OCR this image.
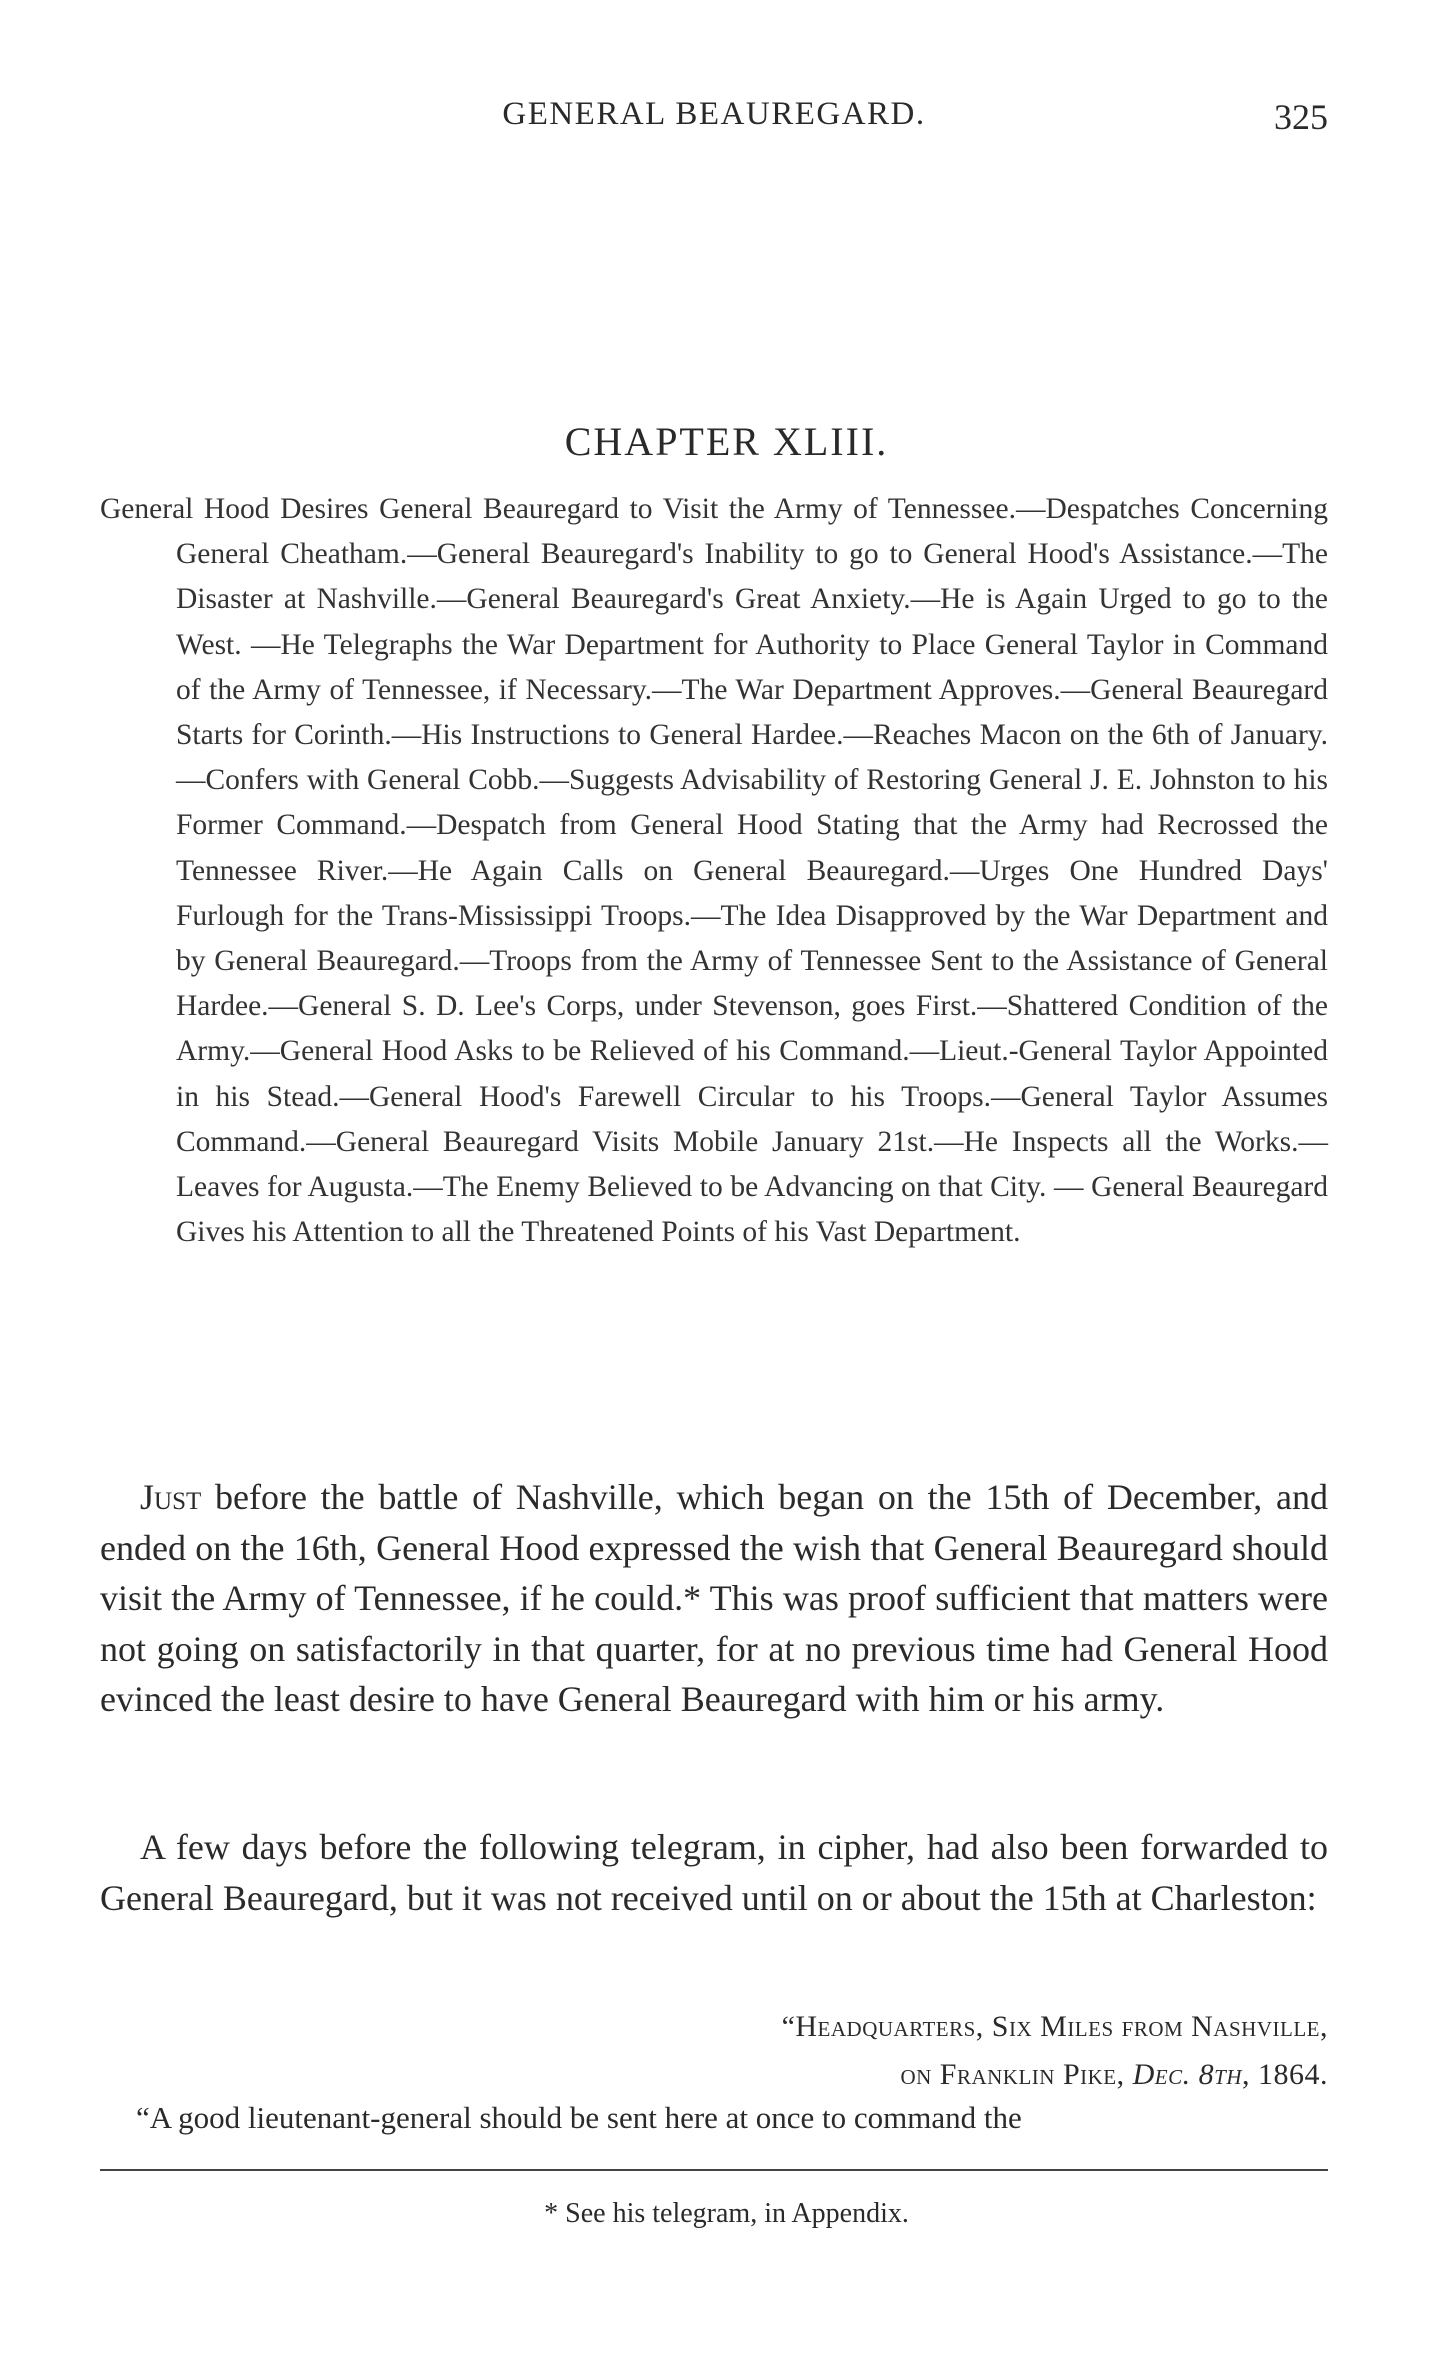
GENERAL BEAUREGARD.	325
CHAPTER XLIII.
General Hood Desires General Beauregard to Visit the Army of Tennessee.—Despatches Concerning General Cheatham.—General Beauregard's Inability to go to General Hood's Assistance.—The Disaster at Nashville.—General Beauregard's Great Anxiety.—He is Again Urged to go to the West. —He Telegraphs the War Department for Authority to Place General Taylor in Command of the Army of Tennessee, if Necessary.—The War Department Approves.—General Beauregard Starts for Corinth.—His Instructions to General Hardee.—Reaches Macon on the 6th of January.—Confers with General Cobb.—Suggests Advisability of Restoring General J. E. Johnston to his Former Command.—Despatch from General Hood Stating that the Army had Recrossed the Tennessee River.—He Again Calls on General Beauregard.—Urges One Hundred Days' Furlough for the Trans-Mississippi Troops.—The Idea Disapproved by the War Department and by General Beauregard.—Troops from the Army of Tennessee Sent to the Assistance of General Hardee.—General S. D. Lee's Corps, under Stevenson, goes First.—Shattered Condition of the Army.—General Hood Asks to be Relieved of his Command.—Lieut.-General Taylor Appointed in his Stead.—General Hood's Farewell Circular to his Troops.—General Taylor Assumes Command.—General Beauregard Visits Mobile January 21st.—He Inspects all the Works.—Leaves for Augusta.—The Enemy Believed to be Advancing on that City. — General Beauregard Gives his Attention to all the Threatened Points of his Vast Department.

Just before the battle of Nashville, which began on the 15th of December, and ended on the 16th, General Hood expressed the wish that General Beauregard should visit the Army of Tennessee, if he could.* This was proof sufficient that matters were not going on satisfactorily in that quarter, for at no previous time had General Hood evinced the least desire to have General Beauregard with him or his army.

A few days before the following telegram, in cipher, had also been forwarded to General Beauregard, but it was not received until on or about the 15th at Charleston:

“Headquarters, Six Miles from Nashville,
on Franklin Pike, Dec. 8th, 1864.
“A good lieutenant-general should be sent here at once to command the
* See his telegram, in Appendix.
